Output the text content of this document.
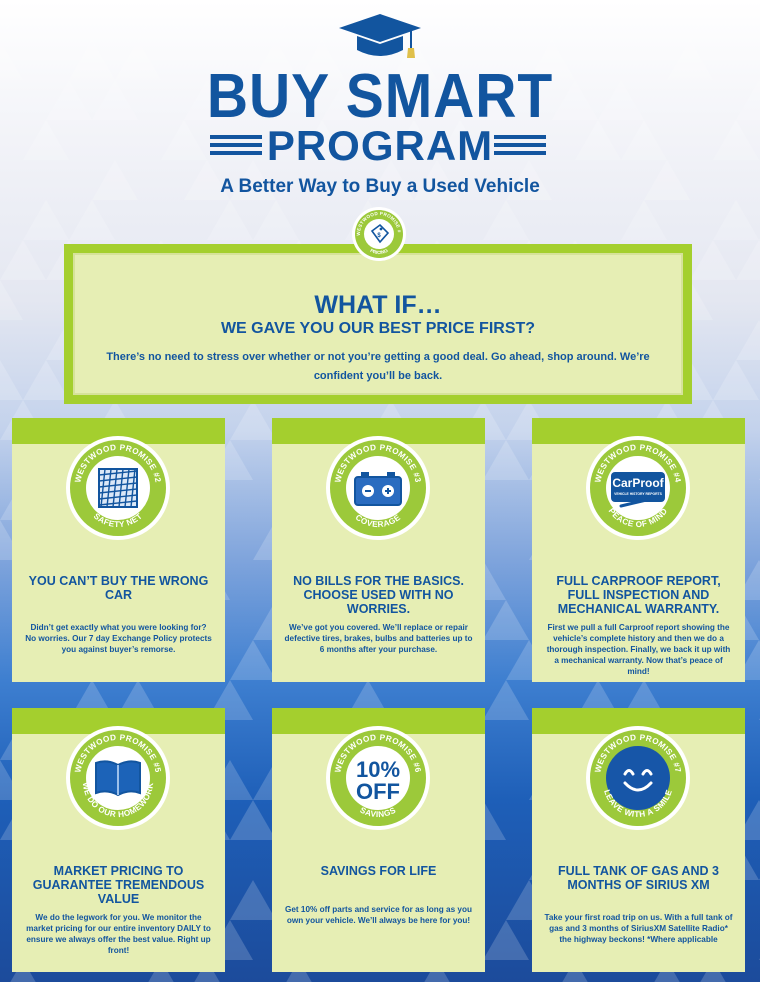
BUY SMART
PROGRAM
A Better Way to Buy a Used Vehicle
WHAT IF…
WE GAVE YOU OUR BEST PRICE FIRST?
There’s no need to stress over whether or not you’re getting a good deal. Go ahead, shop around. We’re confident you’ll be back.
$
WESTWOOD PROMISE #
PRICING
WESTWOOD PROMISE #2
SAFETY NET
YOU CAN’T BUY THE WRONG CAR
Didn’t get exactly what you were looking for? No worries. Our 7 day Exchange Policy protects you against buyer’s remorse.
WESTWOOD PROMISE #3
COVERAGE
NO BILLS FOR THE BASICS. CHOOSE USED WITH NO WORRIES.
We’ve got you covered. We’ll replace or repair defective tires, brakes, bulbs and batteries up to 6 months after your purchase.
CarProof
VEHICLE HISTORY REPORTS
WESTWOOD PROMISE #4
PEACE OF MIND
FULL CARPROOF REPORT, FULL INSPECTION AND MECHANICAL WARRANTY.
First we pull a full Carproof report showing the vehicle’s complete history and then we do a thorough inspection. Finally, we back it up with a mechanical warranty. Now that’s peace of mind!
WESTWOOD PROMISE #5
WE DO OUR HOMEWORK
MARKET PRICING TO GUARANTEE TREMENDOUS VALUE
We do the legwork for you. We monitor the market pricing for our entire inventory DAILY to ensure we always offer the best value. Right up front!
10%
OFF
WESTWOOD PROMISE #6
SAVINGS
SAVINGS FOR LIFE
Get 10% off parts and service for as long as you own your vehicle. We’ll always be here for you!
WESTWOOD PROMISE #7
LEAVE WITH A SMILE
FULL TANK OF GAS AND 3 MONTHS OF SIRIUS XM
Take your first road trip on us. With a full tank of gas and 3 months of SiriusXM Satellite Radio* the highway beckons! *Where applicable
